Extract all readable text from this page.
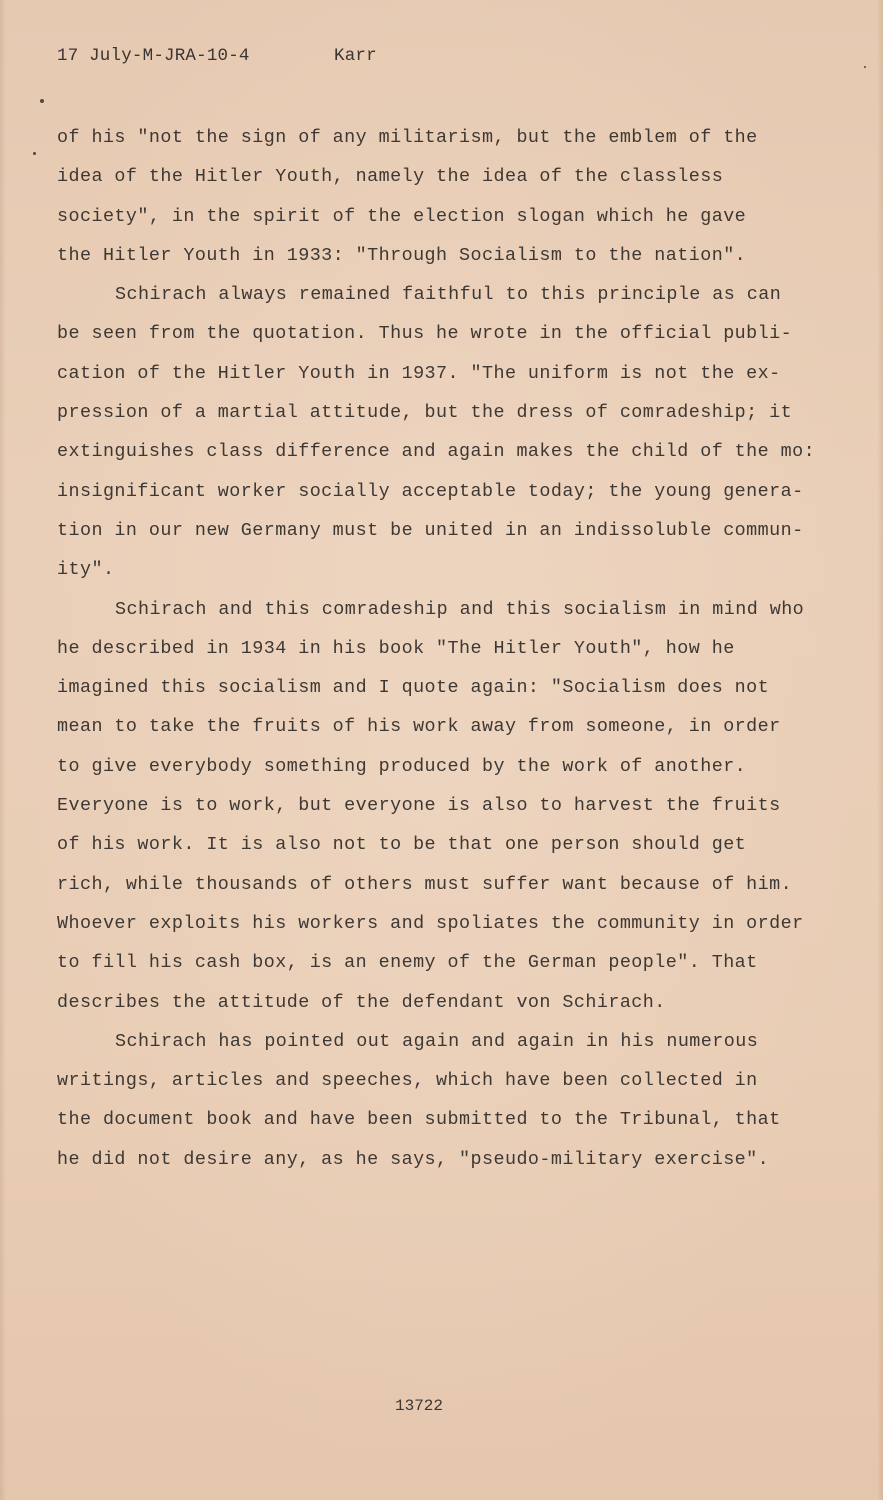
17 July-M-JRA-10-4	Karr
of his "not the sign of any militarism, but the emblem of the
idea of the Hitler Youth, namely the idea of the classless
society", in the spirit of the election slogan which he gave
the Hitler Youth in 1933: "Through Socialism to the nation".
Schirach always remained faithful to this principle as can
be seen from the quotation. Thus he wrote in the official publi-
cation of the Hitler Youth in 1937. "The uniform is not the ex-
pression of a martial attitude, but the dress of comradeship; it
extinguishes class difference and again makes the child of the mo:
insignificant worker socially acceptable today; the young genera-
tion in our new Germany must be united in an indissoluble commun-
ity".
Schirach and this comradeship and this socialism in mind who
he described in 1934 in his book "The Hitler Youth", how he
imagined this socialism and I quote again: "Socialism does not
mean to take the fruits of his work away from someone, in order
to give everybody something produced by the work of another.
Everyone is to work, but everyone is also to harvest the fruits
of his work. It is also not to be that one person should get
rich, while thousands of others must suffer want because of him.
Whoever exploits his workers and spoliates the community in order
to fill his cash box, is an enemy of the German people". That
describes the attitude of the defendant von Schirach.
Schirach has pointed out again and again in his numerous
writings, articles and speeches, which have been collected in
the document book and have been submitted to the Tribunal, that
he did not desire any, as he says, "pseudo-military exercise".
13722
